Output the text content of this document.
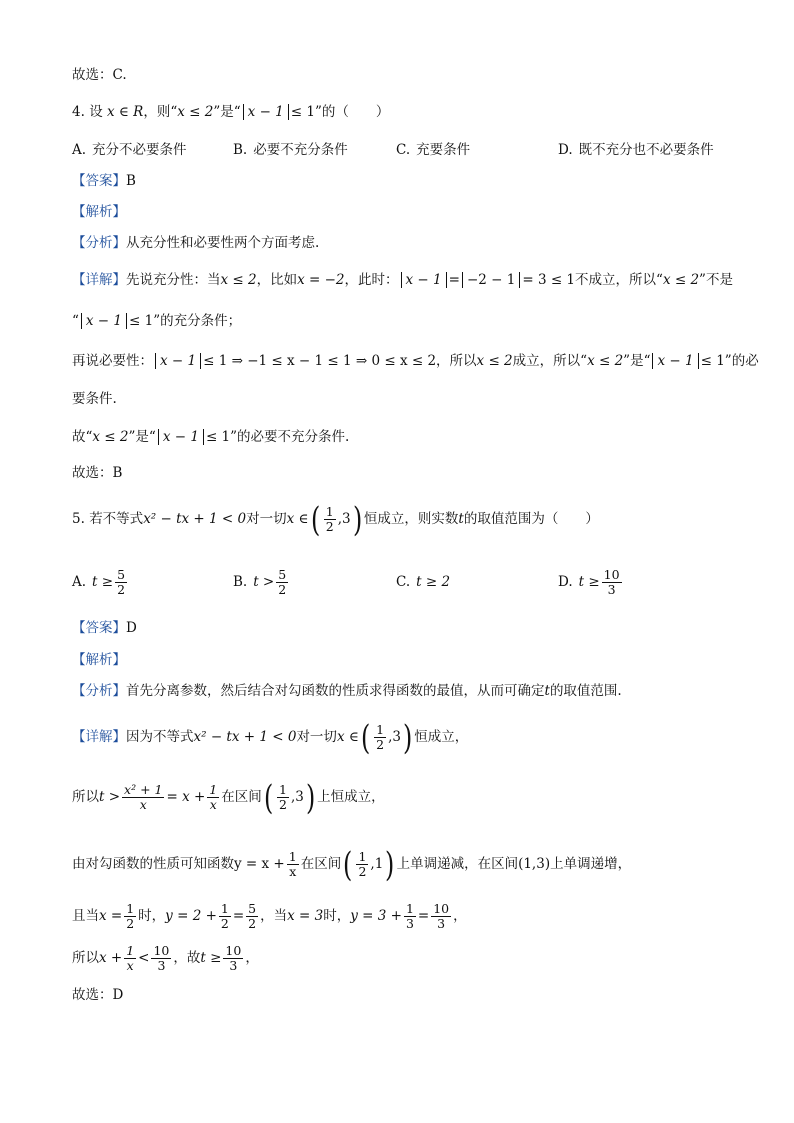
故选：C.
4. 设 x ∈ R，则“x ≤ 2”是“ x − 1 ≤ 1”的（　　）
A. 充分不必要条件	B. 必要不充分条件	C. 充要条件	D. 既不充分也不必要条件
【答案】B
【解析】
【分析】从充分性和必要性两个方面考虑.
【详解】先说充分性：当x ≤ 2，比如x = −2，此时： x − 1 = −2 − 1 = 3 ≤ 1不成立，所以“x ≤ 2”不是
“ x − 1 ≤ 1”的充分条件；
再说必要性： x − 1 ≤ 1 ⇒ −1 ≤ x − 1 ≤ 1 ⇒ 0 ≤ x ≤ 2，所以x ≤ 2成立，所以“x ≤ 2”是“ x − 1 ≤ 1”的必
要条件.
故“x ≤ 2”是“ x − 1 ≤ 1”的必要不充分条件.
故选：B
5. 若不等式x² − tx + 1 < 0对一切x ∈( $\frac{1}{2} ,3$) 恒成立，则实数t的取值范围为（　　）
A. $t \ge \frac{5}{2}$	B. $t > \frac{5}{2}$	C. t ≥ 2	D. $t \ge \frac{10}{3}$
【答案】D
【解析】
【分析】首先分离参数，然后结合对勾函数的性质求得函数的最值，从而可确定t的取值范围.
【详解】因为不等式x² − tx + 1 < 0对一切x ∈( $\frac{1}{2} ,3$) 恒成立，
所以$t > \frac{\text{x² + 1}}{x} = x + \frac{1}{x}$ 在区间( $\frac{1}{2} ,3$) 上恒成立，
由对勾函数的性质可知函数$y = x + \frac{1}{x}$ 在区间( $\frac{1}{2} ,1$) 上单调递减，在区间(1,3)上单调递增，
且当$x = \frac{1}{2}$ 时，$y = 2 + \frac{1}{2} = \frac{5}{2}$ ，当x = 3时，$y = 3 + \frac{1}{3} = \frac{10}{3}$ ，
所以$x + \frac{1}{x} < \frac{10}{3}$ ，故$t \ge \frac{10}{3}$ ，
故选：D
